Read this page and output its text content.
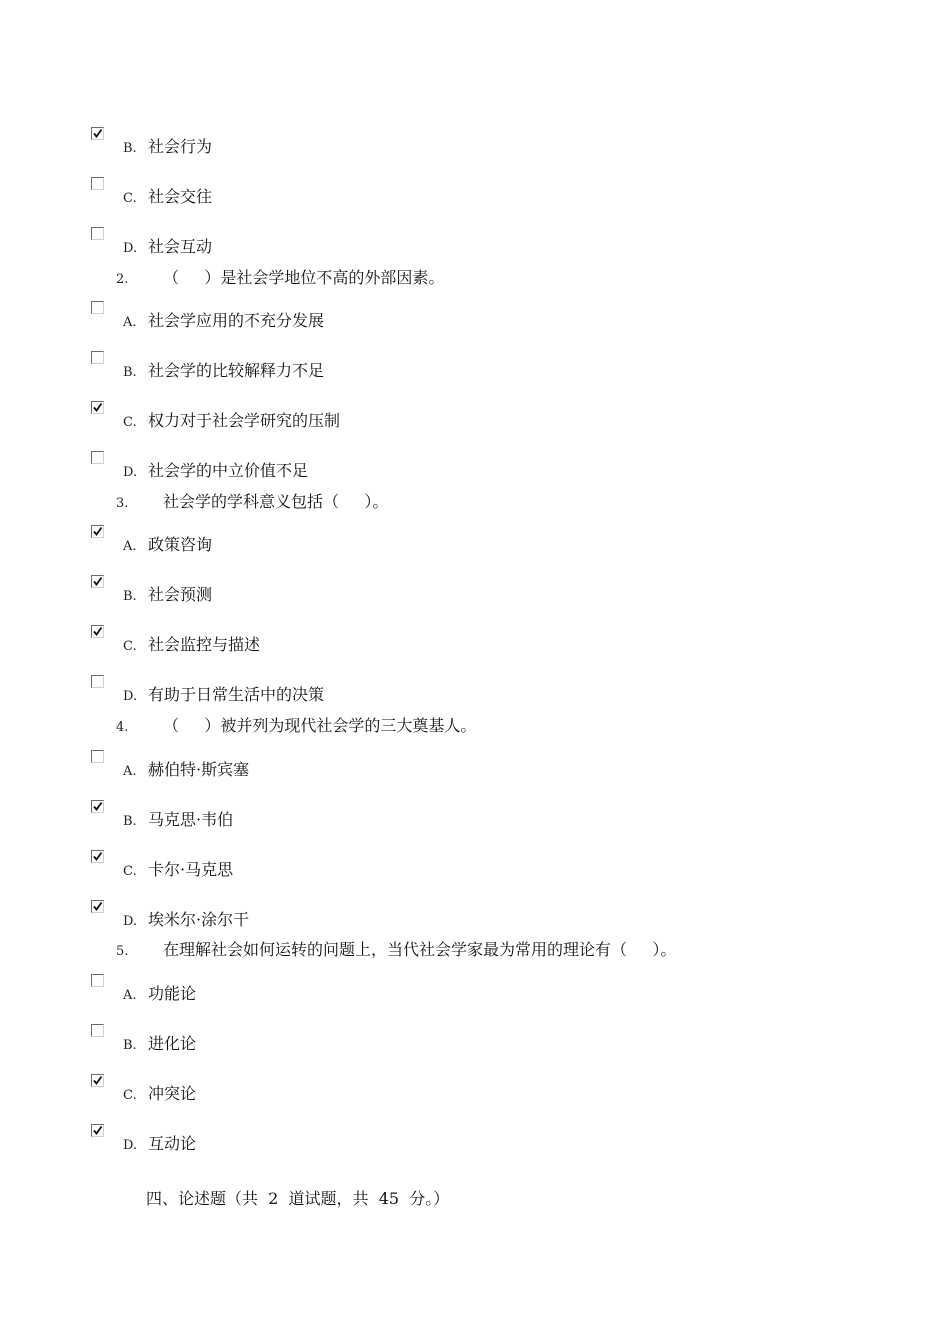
B. 社会行为
C. 社会交往
D. 社会互动
2. （     ）是社会学地位不高的外部因素。
A. 社会学应用的不充分发展
B. 社会学的比较解释力不足
C. 权力对于社会学研究的压制
D. 社会学的中立价值不足
3. 社会学的学科意义包括（     ）。
A. 政策咨询
B. 社会预测
C. 社会监控与描述
D. 有助于日常生活中的决策
4. （     ）被并列为现代社会学的三大奠基人。
A. 赫伯特·斯宾塞
B. 马克思·韦伯
C. 卡尔·马克思
D. 埃米尔·涂尔干
5. 在理解社会如何运转的问题上，当代社会学家最为常用的理论有（     ）。
A. 功能论
B. 进化论
C. 冲突论
D. 互动论
四、论述题（共  2  道试题，共  45  分。）
